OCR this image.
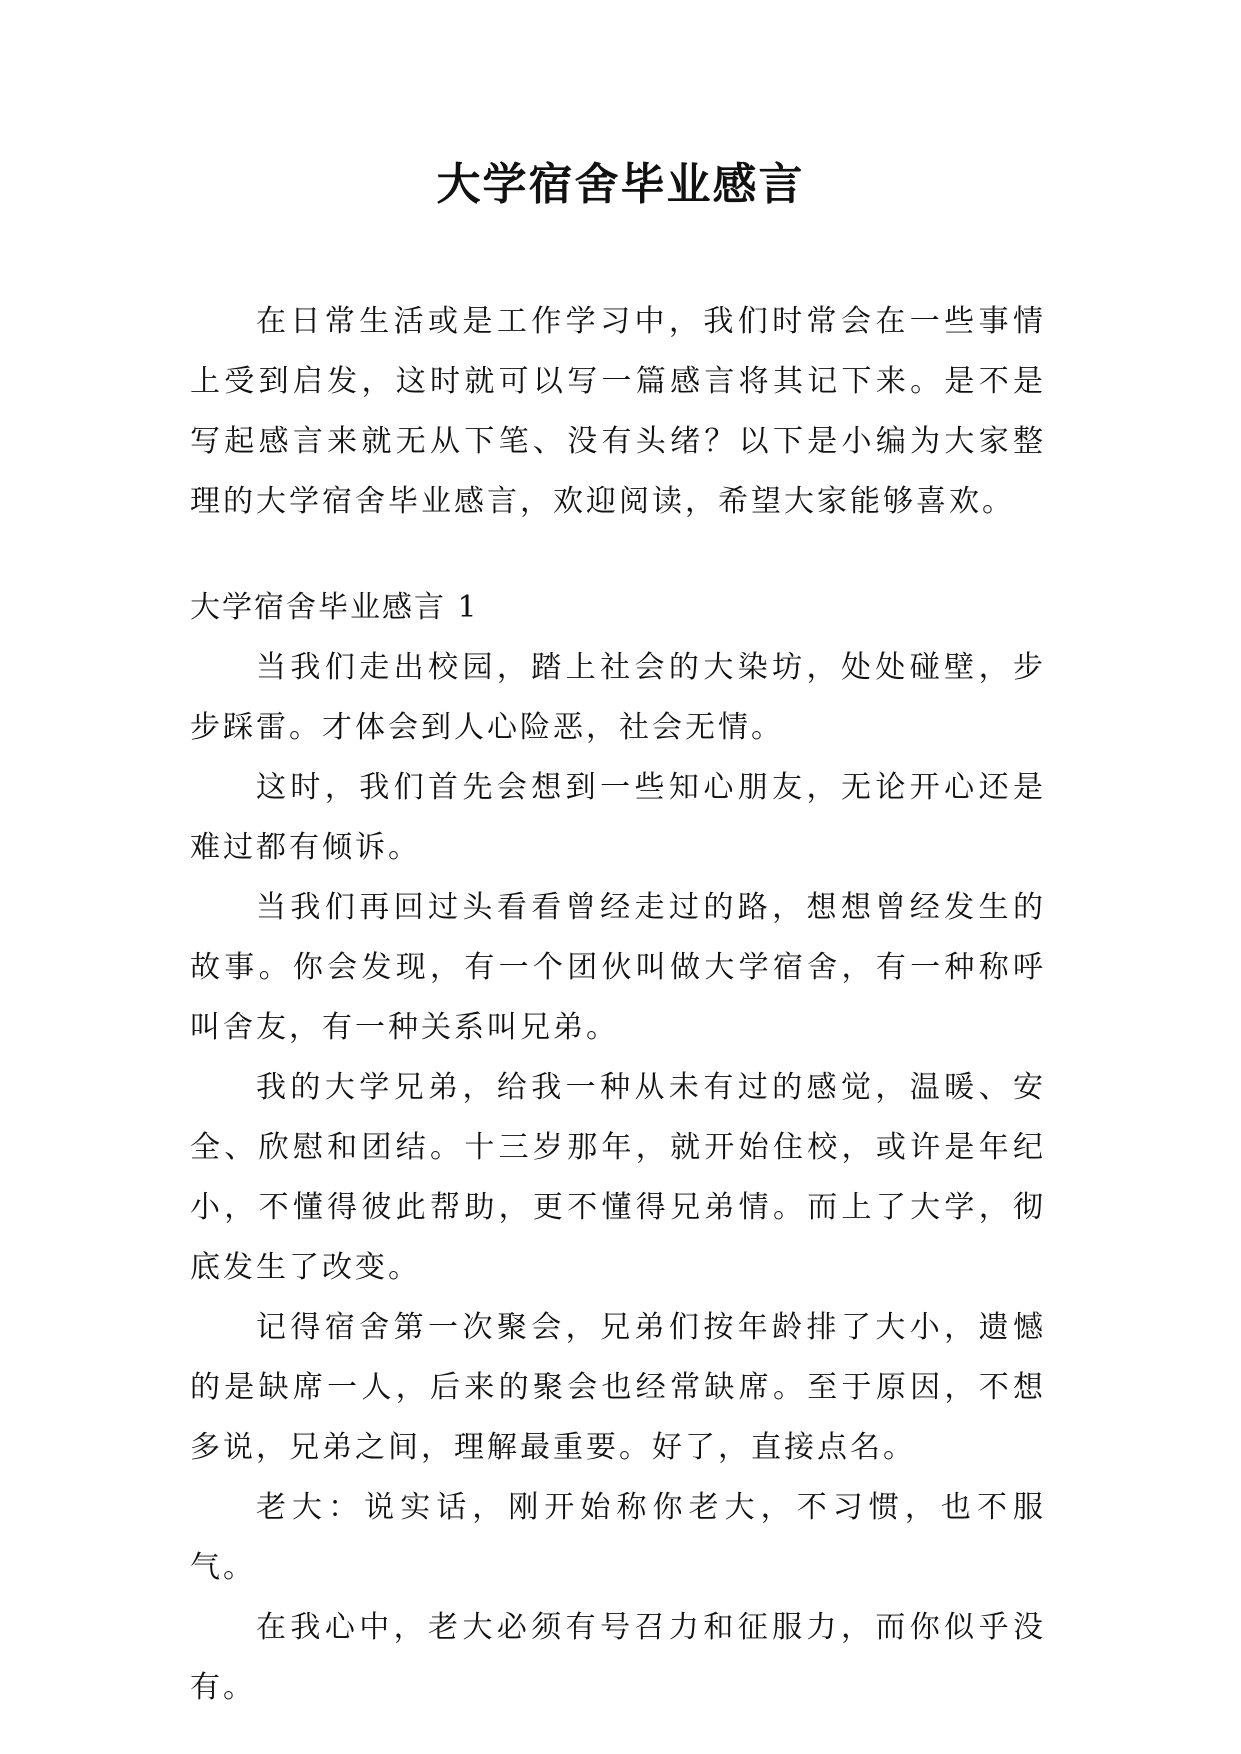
大学宿舍毕业感言

在日常生活或是工作学习中，我们时常会在一些事情上受到启发，这时就可以写一篇感言将其记下来。是不是写起感言来就无从下笔、没有头绪？以下是小编为大家整理的大学宿舍毕业感言，欢迎阅读，希望大家能够喜欢。

大学宿舍毕业感言 1

当我们走出校园，踏上社会的大染坊，处处碰壁，步步踩雷。才体会到人心险恶，社会无情。

这时，我们首先会想到一些知心朋友，无论开心还是难过都有倾诉。

当我们再回过头看看曾经走过的路，想想曾经发生的故事。你会发现，有一个团伙叫做大学宿舍，有一种称呼叫舍友，有一种关系叫兄弟。

我的大学兄弟，给我一种从未有过的感觉，温暖、安全、欣慰和团结。十三岁那年，就开始住校，或许是年纪小，不懂得彼此帮助，更不懂得兄弟情。而上了大学，彻底发生了改变。

记得宿舍第一次聚会，兄弟们按年龄排了大小，遗憾的是缺席一人，后来的聚会也经常缺席。至于原因，不想多说，兄弟之间，理解最重要。好了，直接点名。

老大：说实话，刚开始称你老大，不习惯，也不服气。

在我心中，老大必须有号召力和征服力，而你似乎没有。
